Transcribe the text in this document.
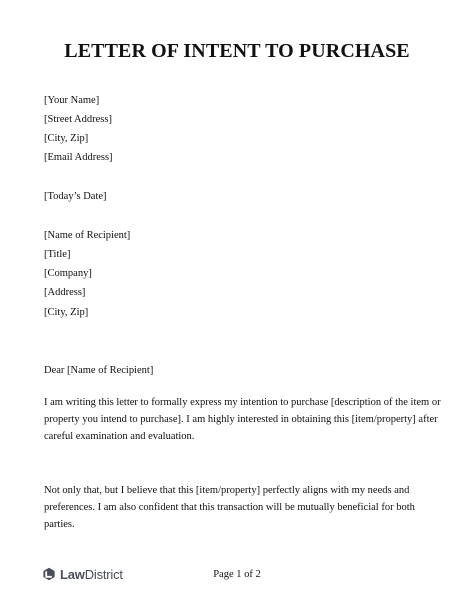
LETTER OF INTENT TO PURCHASE
[Your Name]
[Street Address]
[City, Zip]
[Email Address]
[Today’s Date]
[Name of Recipient]
[Title]
[Company]
[Address]
[City, Zip]
Dear [Name of Recipient]
I am writing this letter to formally express my intention to purchase [description of the item or property you intend to purchase]. I am highly interested in obtaining this [item/property] after careful examination and evaluation.
Not only that, but I believe that this [item/property] perfectly aligns with my needs and preferences. I am also confident that this transaction will be mutually beneficial for both parties.
LawDistrict	Page 1 of 2
